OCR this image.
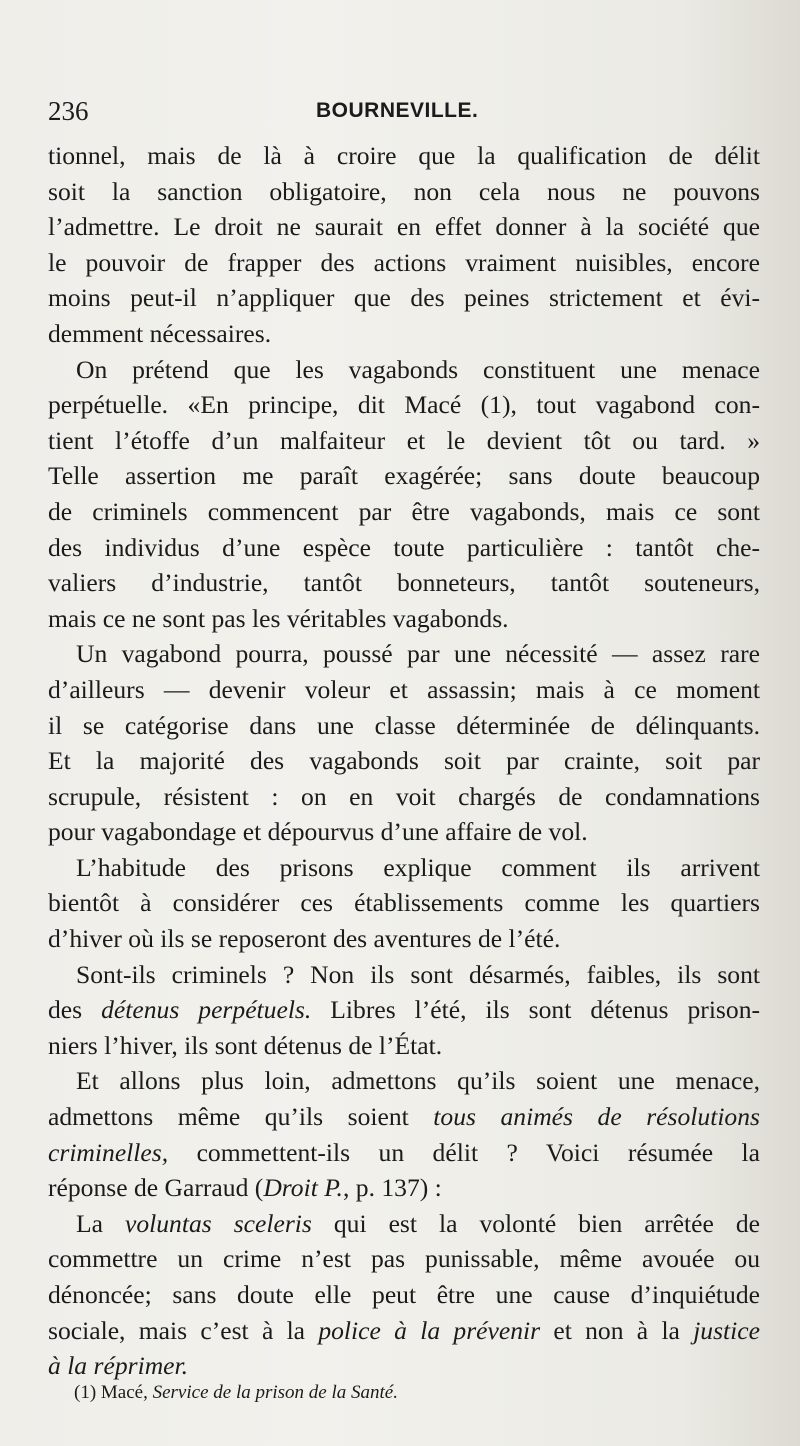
236	BOURNEVILLE.
tionnel, mais de là à croire que la qualification de délit
soit la sanction obligatoire, non cela nous ne pouvons
l’admettre. Le droit ne saurait en effet donner à la société que
le pouvoir de frapper des actions vraiment nuisibles, encore
moins peut-il n’appliquer que des peines strictement et évi-
demment nécessaires.
On prétend que les vagabonds constituent une menace
perpétuelle. «En principe, dit Macé (1), tout vagabond con-
tient l’étoffe d’un malfaiteur et le devient tôt ou tard. »
Telle assertion me paraît exagérée; sans doute beaucoup
de criminels commencent par être vagabonds, mais ce sont
des individus d’une espèce toute particulière : tantôt che-
valiers d’industrie, tantôt bonneteurs, tantôt souteneurs,
mais ce ne sont pas les véritables vagabonds.
Un vagabond pourra, poussé par une nécessité — assez rare
d’ailleurs — devenir voleur et assassin; mais à ce moment
il se catégorise dans une classe déterminée de délinquants.
Et la majorité des vagabonds soit par crainte, soit par
scrupule, résistent : on en voit chargés de condamnations
pour vagabondage et dépourvus d’une affaire de vol.
L’habitude des prisons explique comment ils arrivent
bientôt à considérer ces établissements comme les quartiers
d’hiver où ils se reposeront des aventures de l’été.
Sont-ils criminels ? Non ils sont désarmés, faibles, ils sont
des détenus perpétuels. Libres l’été, ils sont détenus prison-
niers l’hiver, ils sont détenus de l’État.
Et allons plus loin, admettons qu’ils soient une menace,
admettons même qu’ils soient tous animés de résolutions
criminelles, commettent-ils un délit ? Voici résumée la
réponse de Garraud (Droit P., p. 137) :
La voluntas sceleris qui est la volonté bien arrêtée de
commettre un crime n’est pas punissable, même avouée ou
dénoncée; sans doute elle peut être une cause d’inquiétude
sociale, mais c’est à la police à la prévenir et non à la justice
à la réprimer.
(1) Macé, Service de la prison de la Santé.
